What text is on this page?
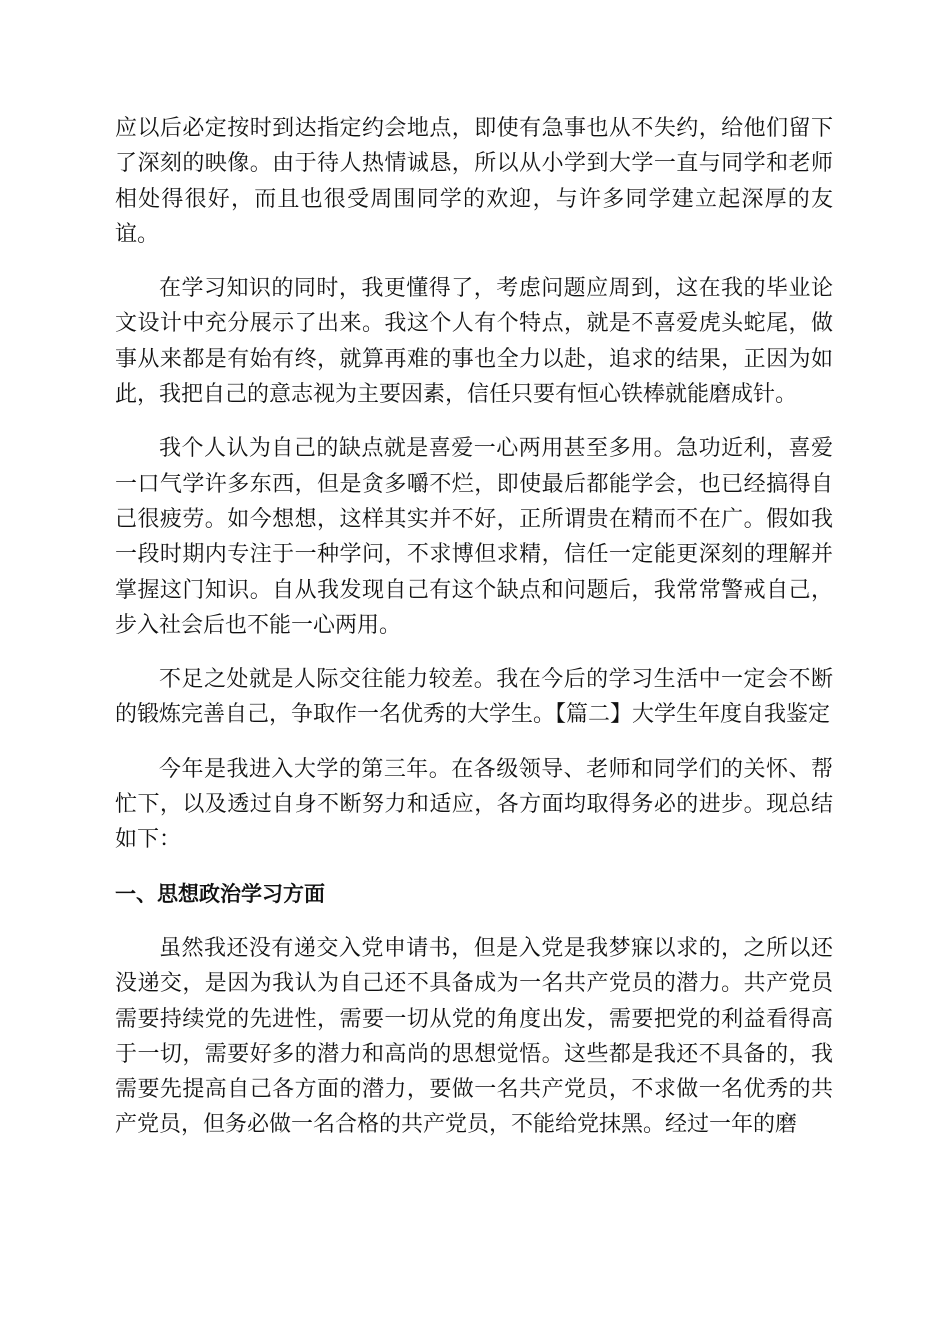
应以后必定按时到达指定约会地点，即使有急事也从不失约，给他们留下了深刻的映像。由于待人热情诚恳，所以从小学到大学一直与同学和老师相处得很好，而且也很受周围同学的欢迎，与许多同学建立起深厚的友谊。

在学习知识的同时，我更懂得了，考虑问题应周到，这在我的毕业论文设计中充分展示了出来。我这个人有个特点，就是不喜爱虎头蛇尾，做事从来都是有始有终，就算再难的事也全力以赴，追求的结果，正因为如此，我把自己的意志视为主要因素，信任只要有恒心铁棒就能磨成针。

我个人认为自己的缺点就是喜爱一心两用甚至多用。急功近利，喜爱一口气学许多东西，但是贪多嚼不烂，即使最后都能学会，也已经搞得自己很疲劳。如今想想，这样其实并不好，正所谓贵在精而不在广。假如我一段时期内专注于一种学问，不求博但求精，信任一定能更深刻的理解并掌握这门知识。自从我发现自己有这个缺点和问题后，我常常警戒自己，步入社会后也不能一心两用。

不足之处就是人际交往能力较差。我在今后的学习生活中一定会不断的锻炼完善自己，争取作一名优秀的大学生。【篇二】大学生年度自我鉴定

今年是我进入大学的第三年。在各级领导、老师和同学们的关怀、帮忙下，以及透过自身不断努力和适应，各方面均取得务必的进步。现总结如下：

一、思想政治学习方面

虽然我还没有递交入党申请书，但是入党是我梦寐以求的，之所以还没递交，是因为我认为自己还不具备成为一名共产党员的潜力。共产党员需要持续党的先进性，需要一切从党的角度出发，需要把党的利益看得高于一切，需要好多的潜力和高尚的思想觉悟。这些都是我还不具备的，我需要先提高自己各方面的潜力，要做一名共产党员，不求做一名优秀的共产党员，但务必做一名合格的共产党员，不能给党抹黑。经过一年的磨
